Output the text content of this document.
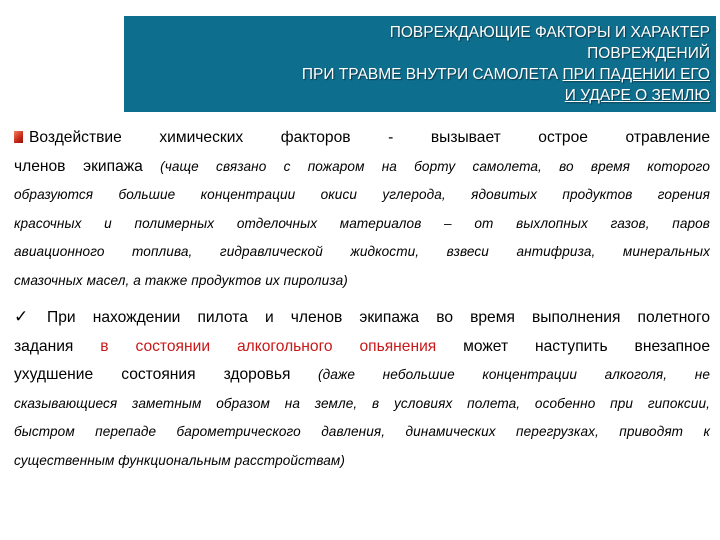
ПОВРЕЖДАЮЩИЕ ФАКТОРЫ И ХАРАКТЕР
ПОВРЕЖДЕНИЙ
ПРИ ТРАВМЕ ВНУТРИ САМОЛЕТА ПРИ ПАДЕНИИ ЕГО
И УДАРЕ О ЗЕМЛЮ
Воздействие химических факторов - вызывает острое отравление
членов экипажа (чаще связано с пожаром на борту самолета, во время которого
образуются большие концентрации окиси углерода, ядовитых продуктов горения
красочных и полимерных отделочных материалов – от выхлопных газов, паров
авиационного топлива, гидравлической жидкости, взвеси антифриза, минеральных
смазочных масел, а также продуктов их пиролиза)
✓ При нахождении пилота и членов экипажа во время выполнения полетного
задания в состоянии алкогольного опьянения может наступить внезапное
ухудшение состояния здоровья (даже небольшие концентрации алкоголя, не
сказывающиеся заметным образом на земле, в условиях полета, особенно при гипоксии,
быстром перепаде барометрического давления, динамических перегрузках, приводят к
существенным функциональным расстройствам)
